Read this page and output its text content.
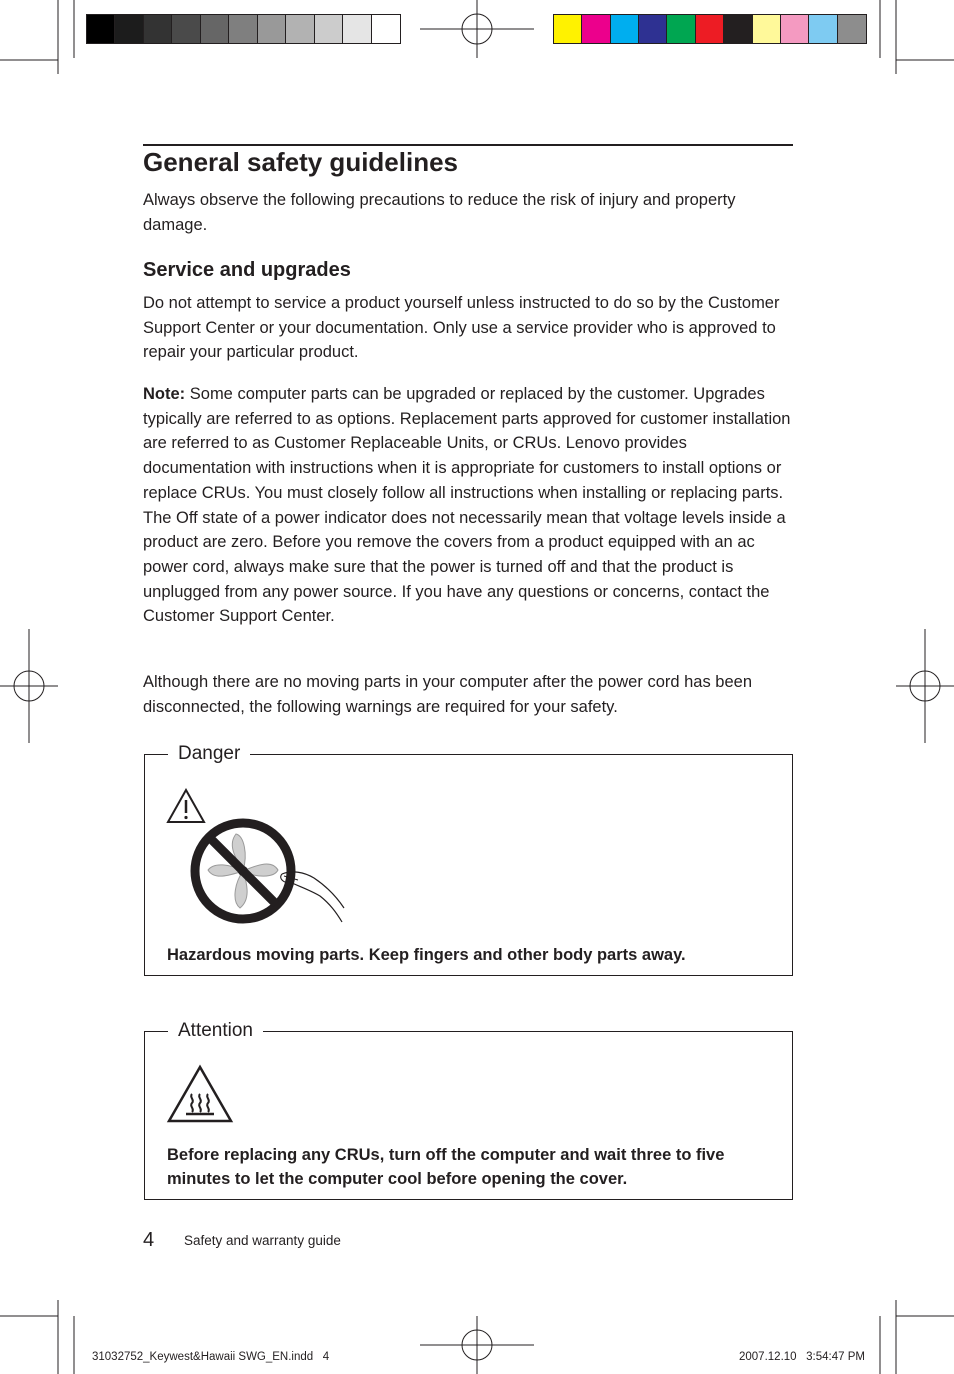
General safety guidelines

Always observe the following precautions to reduce the risk of injury and property damage.

Service and upgrades

Do not attempt to service a product yourself unless instructed to do so by the Customer Support Center or your documentation. Only use a service provider who is approved to repair your particular product.

Note: Some computer parts can be upgraded or replaced by the customer. Upgrades typically are referred to as options. Replacement parts approved for customer installation are referred to as Customer Replaceable Units, or CRUs. Lenovo provides documentation with instructions when it is appropriate for customers to install options or replace CRUs. You must closely follow all instructions when installing or replacing parts. The Off state of a power indicator does not necessarily mean that voltage levels inside a product are zero. Before you remove the covers from a product equipped with an ac power cord, always make sure that the power is turned off and that the product is unplugged from any power source. If you have any questions or concerns, contact the Customer Support Center.

Although there are no moving parts in your computer after the power cord has been disconnected, the following warnings are required for your safety.

Danger

Hazardous moving parts. Keep fingers and other body parts away.

Attention

Before replacing any CRUs, turn off the computer and wait three to five minutes to let the computer cool before opening the cover.

4 Safety and warranty guide
31032752_Keywest&Hawaii SWG_EN.indd   4	2007.12.10   3:54:47 PM
